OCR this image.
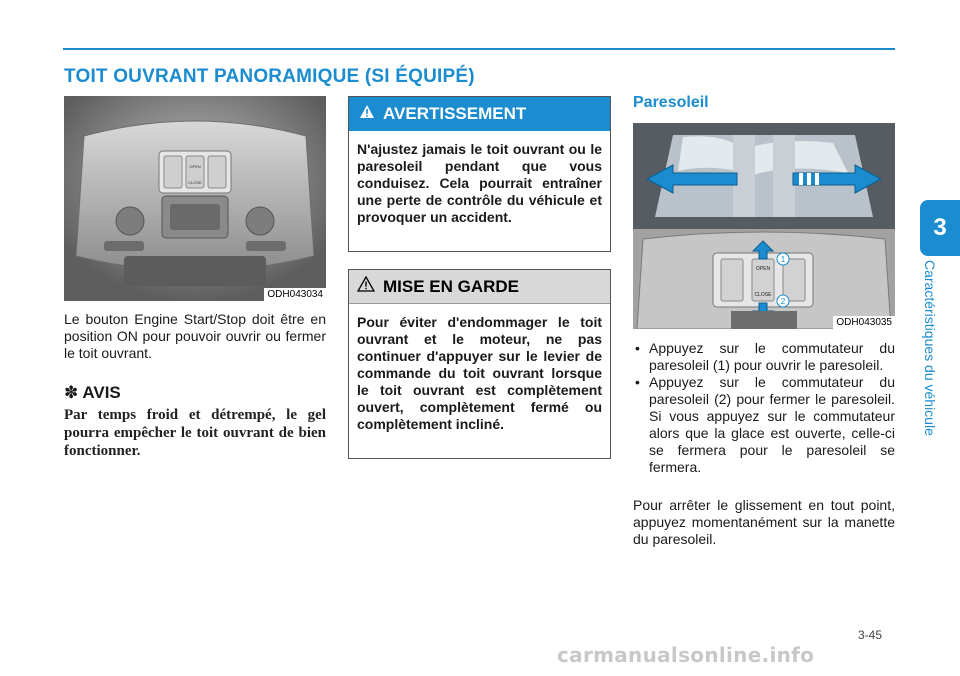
TOIT OUVRANT PANORAMIQUE (SI ÉQUIPÉ)
3
Caractéristiques du véhicule
OPEN
CLOSE
ODH043034
Le bouton Engine Start/Stop doit être en position ON pour pouvoir ouvrir ou fermer le toit ouvrant.
✽ AVIS
Par temps froid et détrempé, le gel pourra empêcher le toit ouvrant de bien fonctionner.
AVERTISSEMENT
N'ajustez jamais le toit ouvrant ou le paresoleil pendant que vous conduisez. Cela pourrait entraîner une perte de contrôle du véhicule et provoquer un accident.
MISE EN GARDE
Pour éviter d'endommager le toit ouvrant et le moteur, ne pas continuer d'appuyer sur le levier de commande du toit ouvrant lorsque le toit ouvrant est complètement ouvert, complètement fermé ou complètement incliné.
Paresoleil
OPEN
CLOSE
1
2
ODH043035
• Appuyez sur le commutateur du paresoleil (1) pour ouvrir le paresoleil.
• Appuyez sur le commutateur du paresoleil (2) pour fermer le paresoleil. Si vous appuyez sur le commutateur alors que la glace est ouverte, celle-ci se fermera pour le paresoleil se fermera.
Pour arrêter le glissement en tout point, appuyez momentanément sur la manette du paresoleil.
3-45
carmanualsonline.info
